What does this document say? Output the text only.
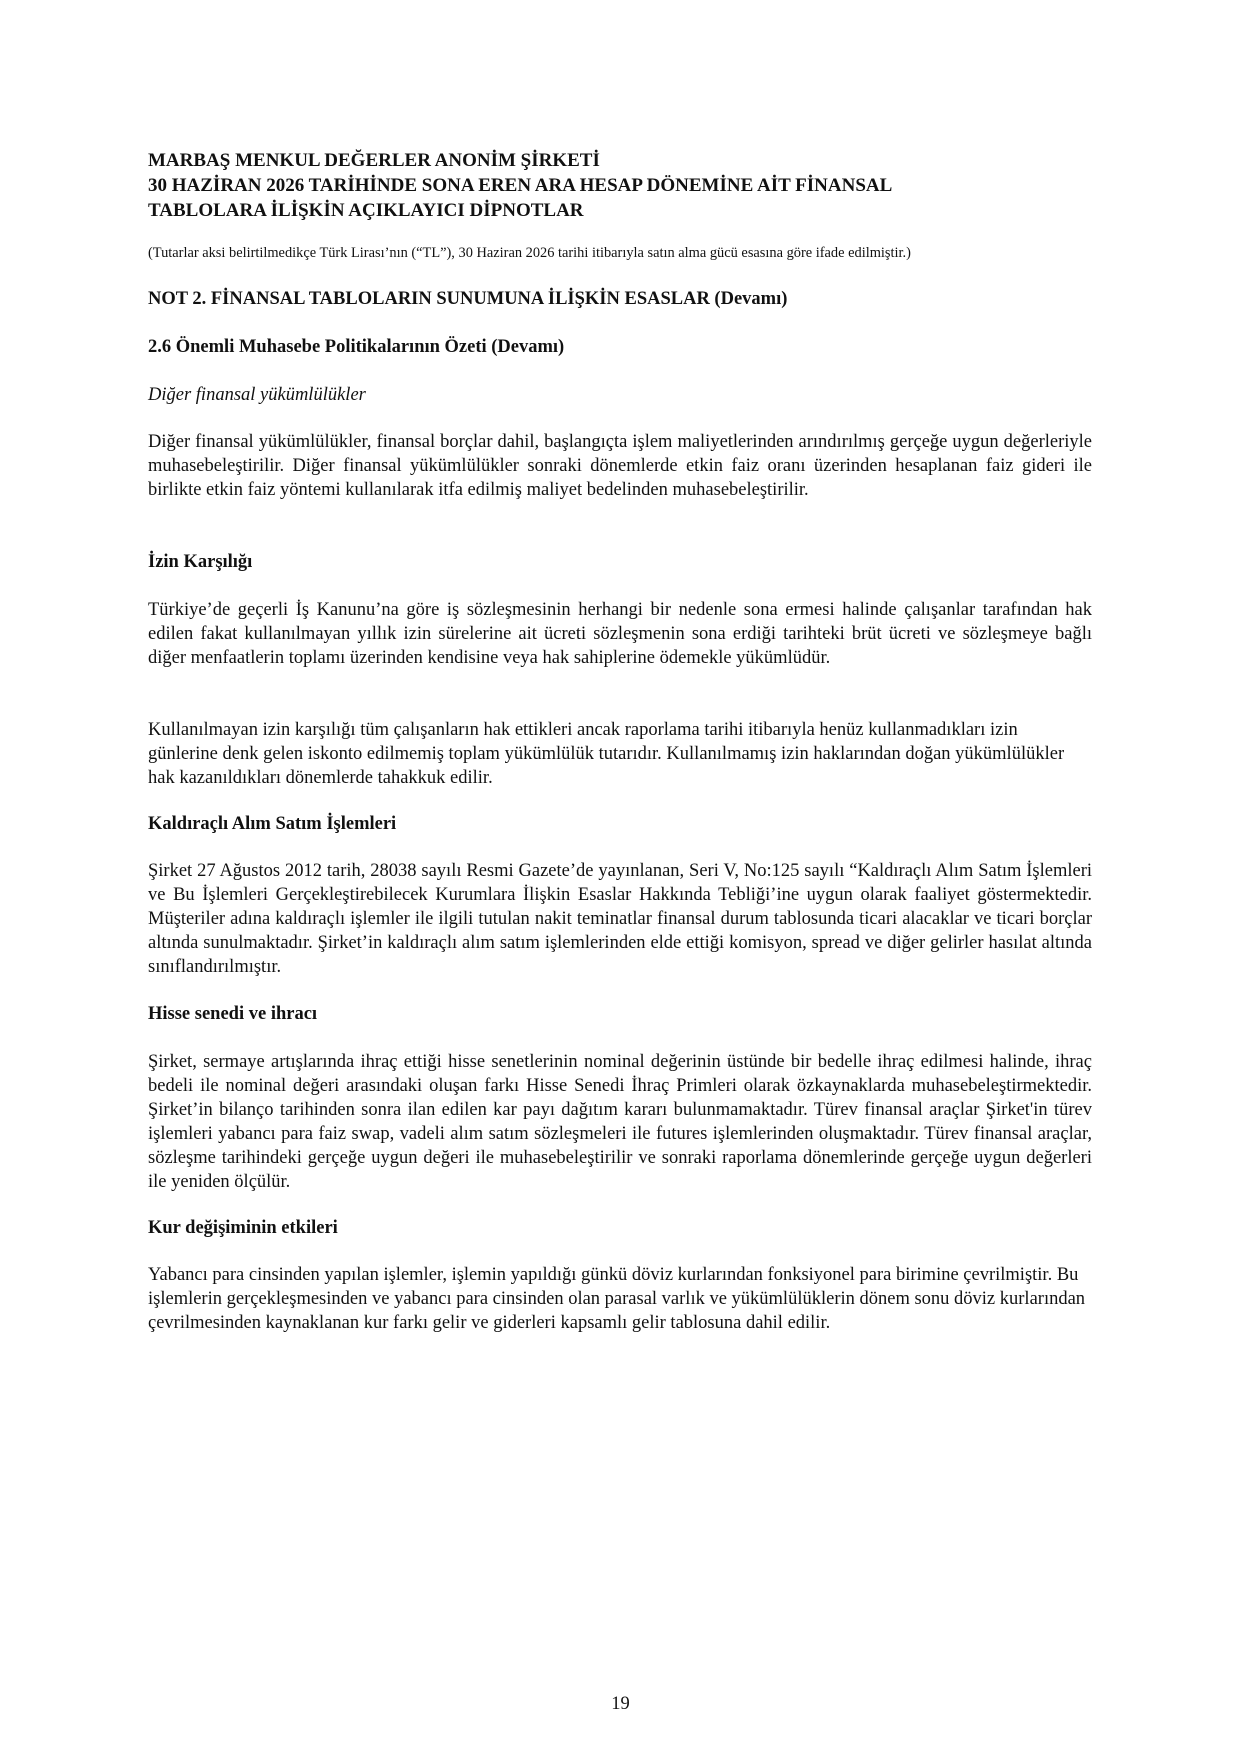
MARBAŞ MENKUL DEĞERLER ANONİM ŞİRKETİ

30 HAZİRAN 2026 TARİHİNDE SONA EREN ARA HESAP DÖNEMİNE AİT FİNANSAL

TABLOLARA İLİŞKİN AÇIKLAYICI DİPNOTLAR

(Tutarlar aksi belirtilmedikçe Türk Lirası’nın (“TL”), 30 Haziran 2026 tarihi itibarıyla satın alma gücü esasına göre ifade edilmiştir.)

NOT 2. FİNANSAL TABLOLARIN SUNUMUNA İLİŞKİN ESASLAR (Devamı)

2.6 Önemli Muhasebe Politikalarının Özeti (Devamı)

Diğer finansal yükümlülükler

Diğer finansal yükümlülükler, finansal borçlar dahil, başlangıçta işlem maliyetlerinden arındırılmış gerçeğe uygun değerleriyle muhasebeleştirilir. Diğer finansal yükümlülükler sonraki dönemlerde etkin faiz oranı üzerinden hesaplanan faiz gideri ile birlikte etkin faiz yöntemi kullanılarak itfa edilmiş maliyet bedelinden muhasebeleştirilir.

İzin Karşılığı

Türkiye’de geçerli İş Kanunu’na göre iş sözleşmesinin herhangi bir nedenle sona ermesi halinde çalışanlar tarafından hak edilen fakat kullanılmayan yıllık izin sürelerine ait ücreti sözleşmenin sona erdiği tarihteki brüt ücreti ve sözleşmeye bağlı diğer menfaatlerin toplamı üzerinden kendisine veya hak sahiplerine ödemekle yükümlüdür.

Kullanılmayan izin karşılığı tüm çalışanların hak ettikleri ancak raporlama tarihi itibarıyla henüz kullanmadıkları izin günlerine denk gelen iskonto edilmemiş toplam yükümlülük tutarıdır. Kullanılmamış izin haklarından doğan yükümlülükler hak kazanıldıkları dönemlerde tahakkuk edilir.

Kaldıraçlı Alım Satım İşlemleri

Şirket 27 Ağustos 2012 tarih, 28038 sayılı Resmi Gazete’de yayınlanan, Seri V, No:125 sayılı “Kaldıraçlı Alım Satım İşlemleri ve Bu İşlemleri Gerçekleştirebilecek Kurumlara İlişkin Esaslar Hakkında Tebliği’ine uygun olarak faaliyet göstermektedir. Müşteriler adına kaldıraçlı işlemler ile ilgili tutulan nakit teminatlar finansal durum tablosunda ticari alacaklar ve ticari borçlar altında sunulmaktadır. Şirket’in kaldıraçlı alım satım işlemlerinden elde ettiği komisyon, spread ve diğer gelirler hasılat altında sınıflandırılmıştır.

Hisse senedi ve ihracı

Şirket, sermaye artışlarında ihraç ettiği hisse senetlerinin nominal değerinin üstünde bir bedelle ihraç edilmesi halinde, ihraç bedeli ile nominal değeri arasındaki oluşan farkı Hisse Senedi İhraç Primleri olarak özkaynaklarda muhasebeleştirmektedir. Şirket’in bilanço tarihinden sonra ilan edilen kar payı dağıtım kararı bulunmamaktadır. Türev finansal araçlar Şirket'in türev işlemleri yabancı para faiz swap, vadeli alım satım sözleşmeleri ile futures işlemlerinden oluşmaktadır. Türev finansal araçlar, sözleşme tarihindeki gerçeğe uygun değeri ile muhasebeleştirilir ve sonraki raporlama dönemlerinde gerçeğe uygun değerleri ile yeniden ölçülür.

Kur değişiminin etkileri

Yabancı para cinsinden yapılan işlemler, işlemin yapıldığı günkü döviz kurlarından fonksiyonel para birimine çevrilmiştir. Bu işlemlerin gerçekleşmesinden ve yabancı para cinsinden olan parasal varlık ve yükümlülüklerin dönem sonu döviz kurlarından çevrilmesinden kaynaklanan kur farkı gelir ve giderleri kapsamlı gelir tablosuna dahil edilir.

19
